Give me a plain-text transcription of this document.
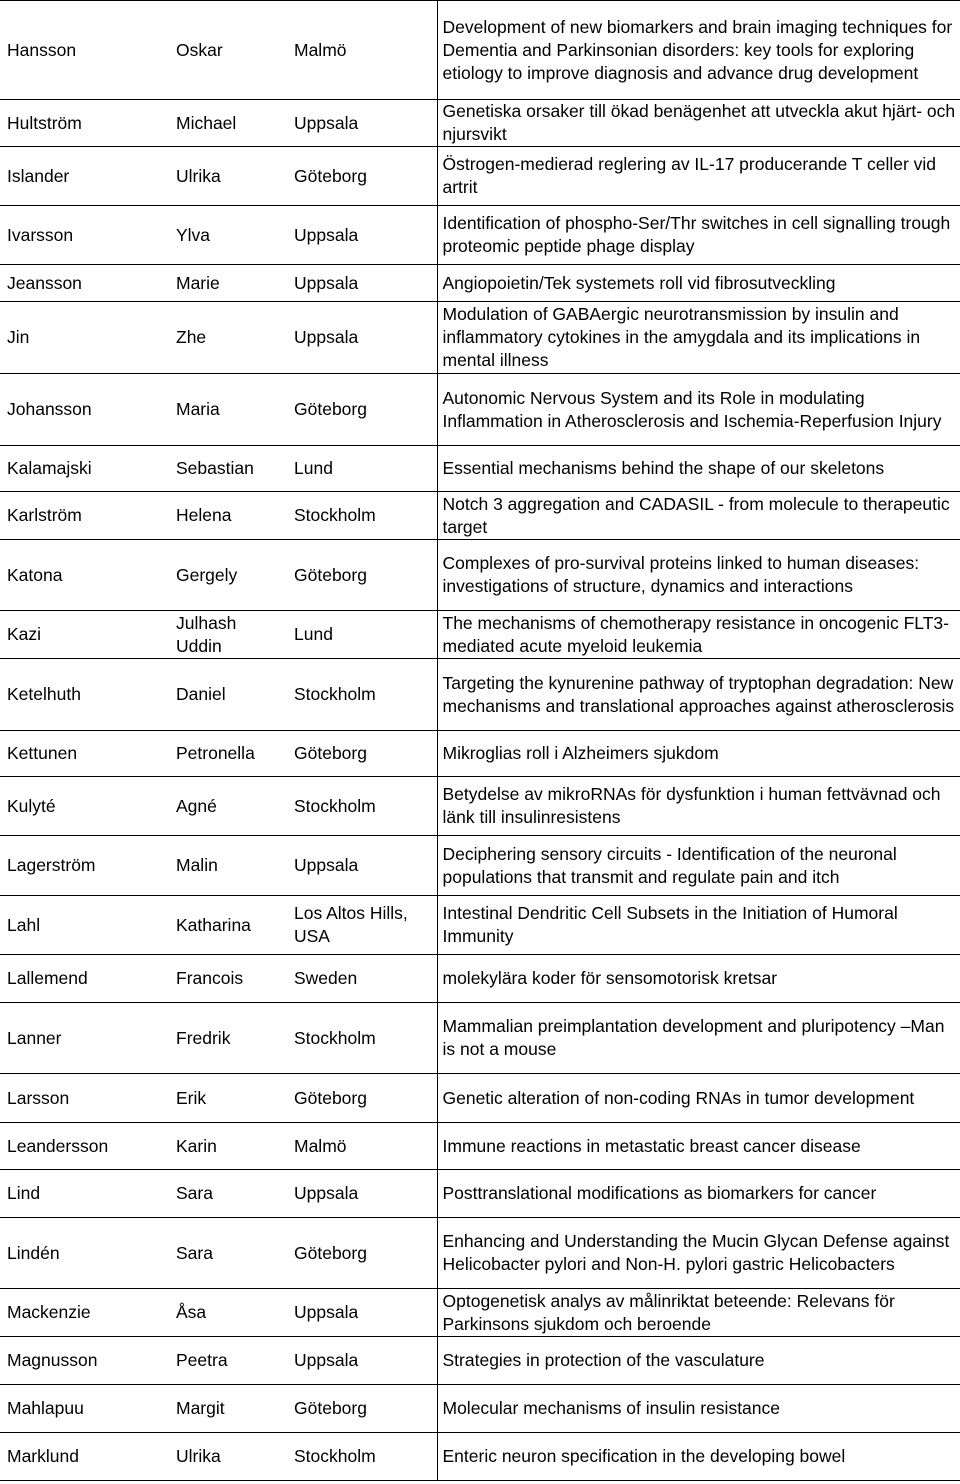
Hansson	Oskar	Malmö	Development of new biomarkers and brain imaging techniques for Dementia and Parkinsonian disorders: key tools for exploring etiology to improve diagnosis and advance drug development
Hultström	Michael	Uppsala	Genetiska orsaker till ökad benägenhet att utveckla akut hjärt- och njursvikt
Islander	Ulrika	Göteborg	Östrogen-medierad reglering av IL-17 producerande T celler vid artrit
Ivarsson	Ylva	Uppsala	Identification of phospho-Ser/Thr switches in cell signalling trough proteomic peptide phage display
Jeansson	Marie	Uppsala	Angiopoietin/Tek systemets roll vid fibrosutveckling
Jin	Zhe	Uppsala	Modulation of GABAergic neurotransmission by insulin and inflammatory cytokines in the amygdala and its implications in mental illness
Johansson	Maria	Göteborg	Autonomic Nervous System and its Role in modulating Inflammation in Atherosclerosis and Ischemia-Reperfusion Injury
Kalamajski	Sebastian	Lund	Essential mechanisms behind the shape of our skeletons
Karlström	Helena	Stockholm	Notch 3 aggregation and CADASIL - from molecule to therapeutic target
Katona	Gergely	Göteborg	Complexes of pro-survival proteins linked to human diseases: investigations of structure, dynamics and interactions
Kazi	Julhash Uddin	Lund	The mechanisms of chemotherapy resistance in oncogenic FLT3-mediated acute myeloid leukemia
Ketelhuth	Daniel	Stockholm	Targeting the kynurenine pathway of tryptophan degradation: New mechanisms and translational approaches against atherosclerosis
Kettunen	Petronella	Göteborg	Mikroglias roll i Alzheimers sjukdom
Kulyté	Agné	Stockholm	Betydelse av mikroRNAs för dysfunktion i human fettvävnad och länk till insulinresistens
Lagerström	Malin	Uppsala	Deciphering sensory circuits - Identification of the neuronal populations that transmit and regulate pain and itch
Lahl	Katharina	Los Altos Hills, USA	Intestinal Dendritic Cell Subsets in the Initiation of Humoral Immunity
Lallemend	Francois	Sweden	molekylära koder för sensomotorisk kretsar
Lanner	Fredrik	Stockholm	Mammalian preimplantation development and pluripotency –Man is not a mouse
Larsson	Erik	Göteborg	Genetic alteration of non-coding RNAs in tumor development
Leandersson	Karin	Malmö	Immune reactions in metastatic breast cancer disease
Lind	Sara	Uppsala	Posttranslational modifications as biomarkers for cancer
Lindén	Sara	Göteborg	Enhancing and Understanding the Mucin Glycan Defense against Helicobacter pylori and Non-H. pylori gastric Helicobacters
Mackenzie	Åsa	Uppsala	Optogenetisk analys av målinriktat beteende: Relevans för Parkinsons sjukdom och beroende
Magnusson	Peetra	Uppsala	Strategies in protection of the vasculature
Mahlapuu	Margit	Göteborg	Molecular mechanisms of insulin resistance
Marklund	Ulrika	Stockholm	Enteric neuron specification in the developing bowel
